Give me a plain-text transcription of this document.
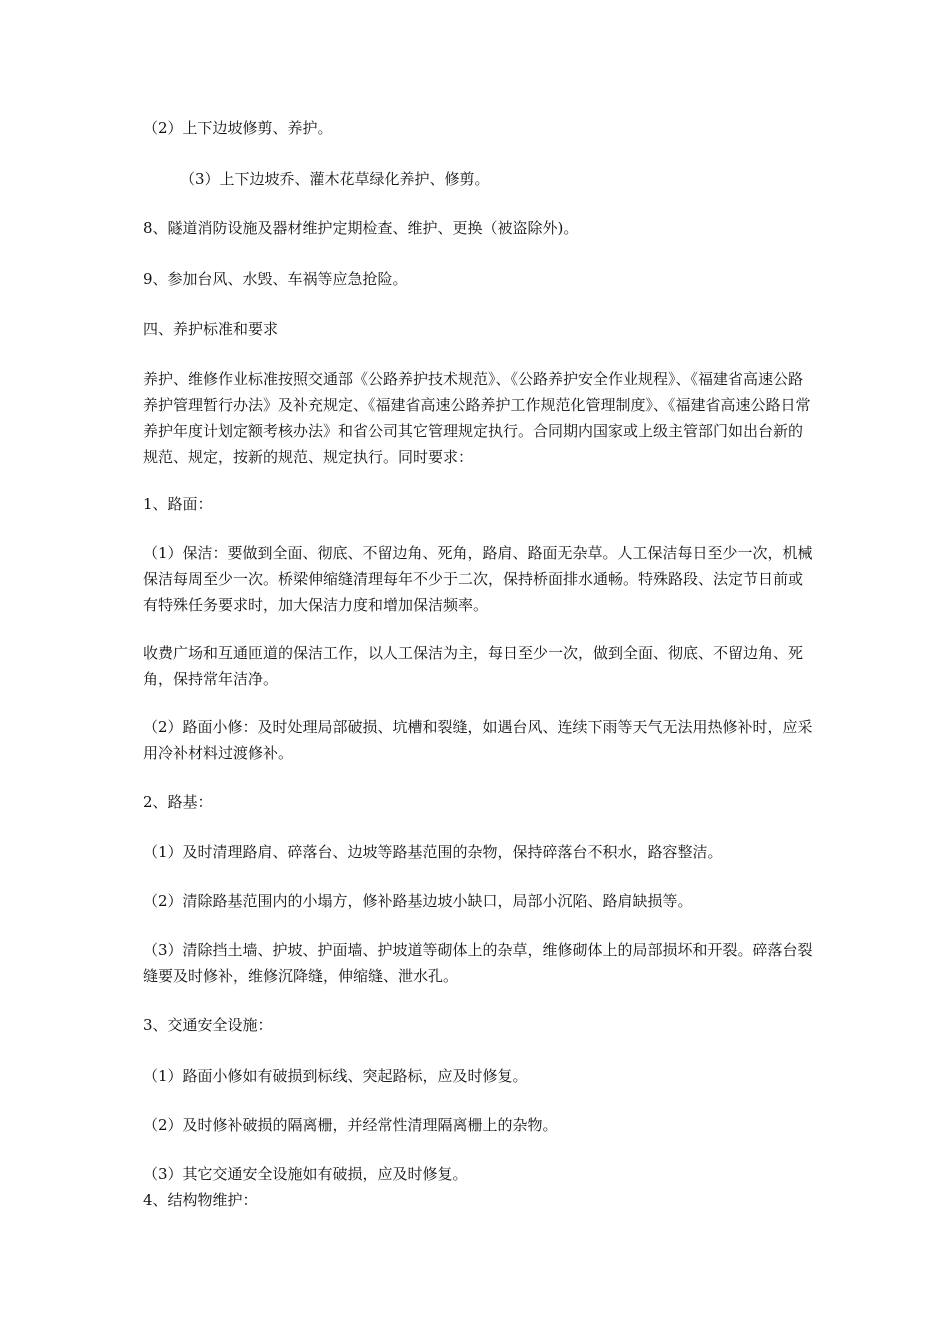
（2）上下边坡修剪、养护。
（3）上下边坡乔、灌木花草绿化养护、修剪。
8、隧道消防设施及器材维护定期检查、维护、更换（被盗除外)。
9、参加台风、水毁、车祸等应急抢险。
四、养护标准和要求
养护、维修作业标准按照交通部《公路养护技术规范》、《公路养护安全作业规程》、《福建省高速公路养护管理暂行办法》及补充规定、《福建省高速公路养护工作规范化管理制度》、《福建省高速公路日常养护年度计划定额考核办法》和省公司其它管理规定执行。合同期内国家或上级主管部门如出台新的规范、规定，按新的规范、规定执行。同时要求：
1、路面：
（1）保洁：要做到全面、彻底、不留边角、死角，路肩、路面无杂草。人工保洁每日至少一次，机械保洁每周至少一次。桥梁伸缩缝清理每年不少于二次，保持桥面排水通畅。特殊路段、法定节日前或有特殊任务要求时，加大保洁力度和增加保洁频率。
收费广场和互通匝道的保洁工作，以人工保洁为主，每日至少一次，做到全面、彻底、不留边角、死角，保持常年洁净。
（2）路面小修：及时处理局部破损、坑槽和裂缝，如遇台风、连续下雨等天气无法用热修补时，应采用冷补材料过渡修补。
2、路基：
（1）及时清理路肩、碎落台、边坡等路基范围的杂物，保持碎落台不积水，路容整洁。
（2）清除路基范围内的小塌方，修补路基边坡小缺口，局部小沉陷、路肩缺损等。
（3）清除挡土墙、护坡、护面墙、护坡道等砌体上的杂草，维修砌体上的局部损坏和开裂。碎落台裂缝要及时修补，维修沉降缝，伸缩缝、泄水孔。
3、交通安全设施：
（1）路面小修如有破损到标线、突起路标，应及时修复。
（2）及时修补破损的隔离栅，并经常性清理隔离栅上的杂物。
（3）其它交通安全设施如有破损，应及时修复。
4、结构物维护：
